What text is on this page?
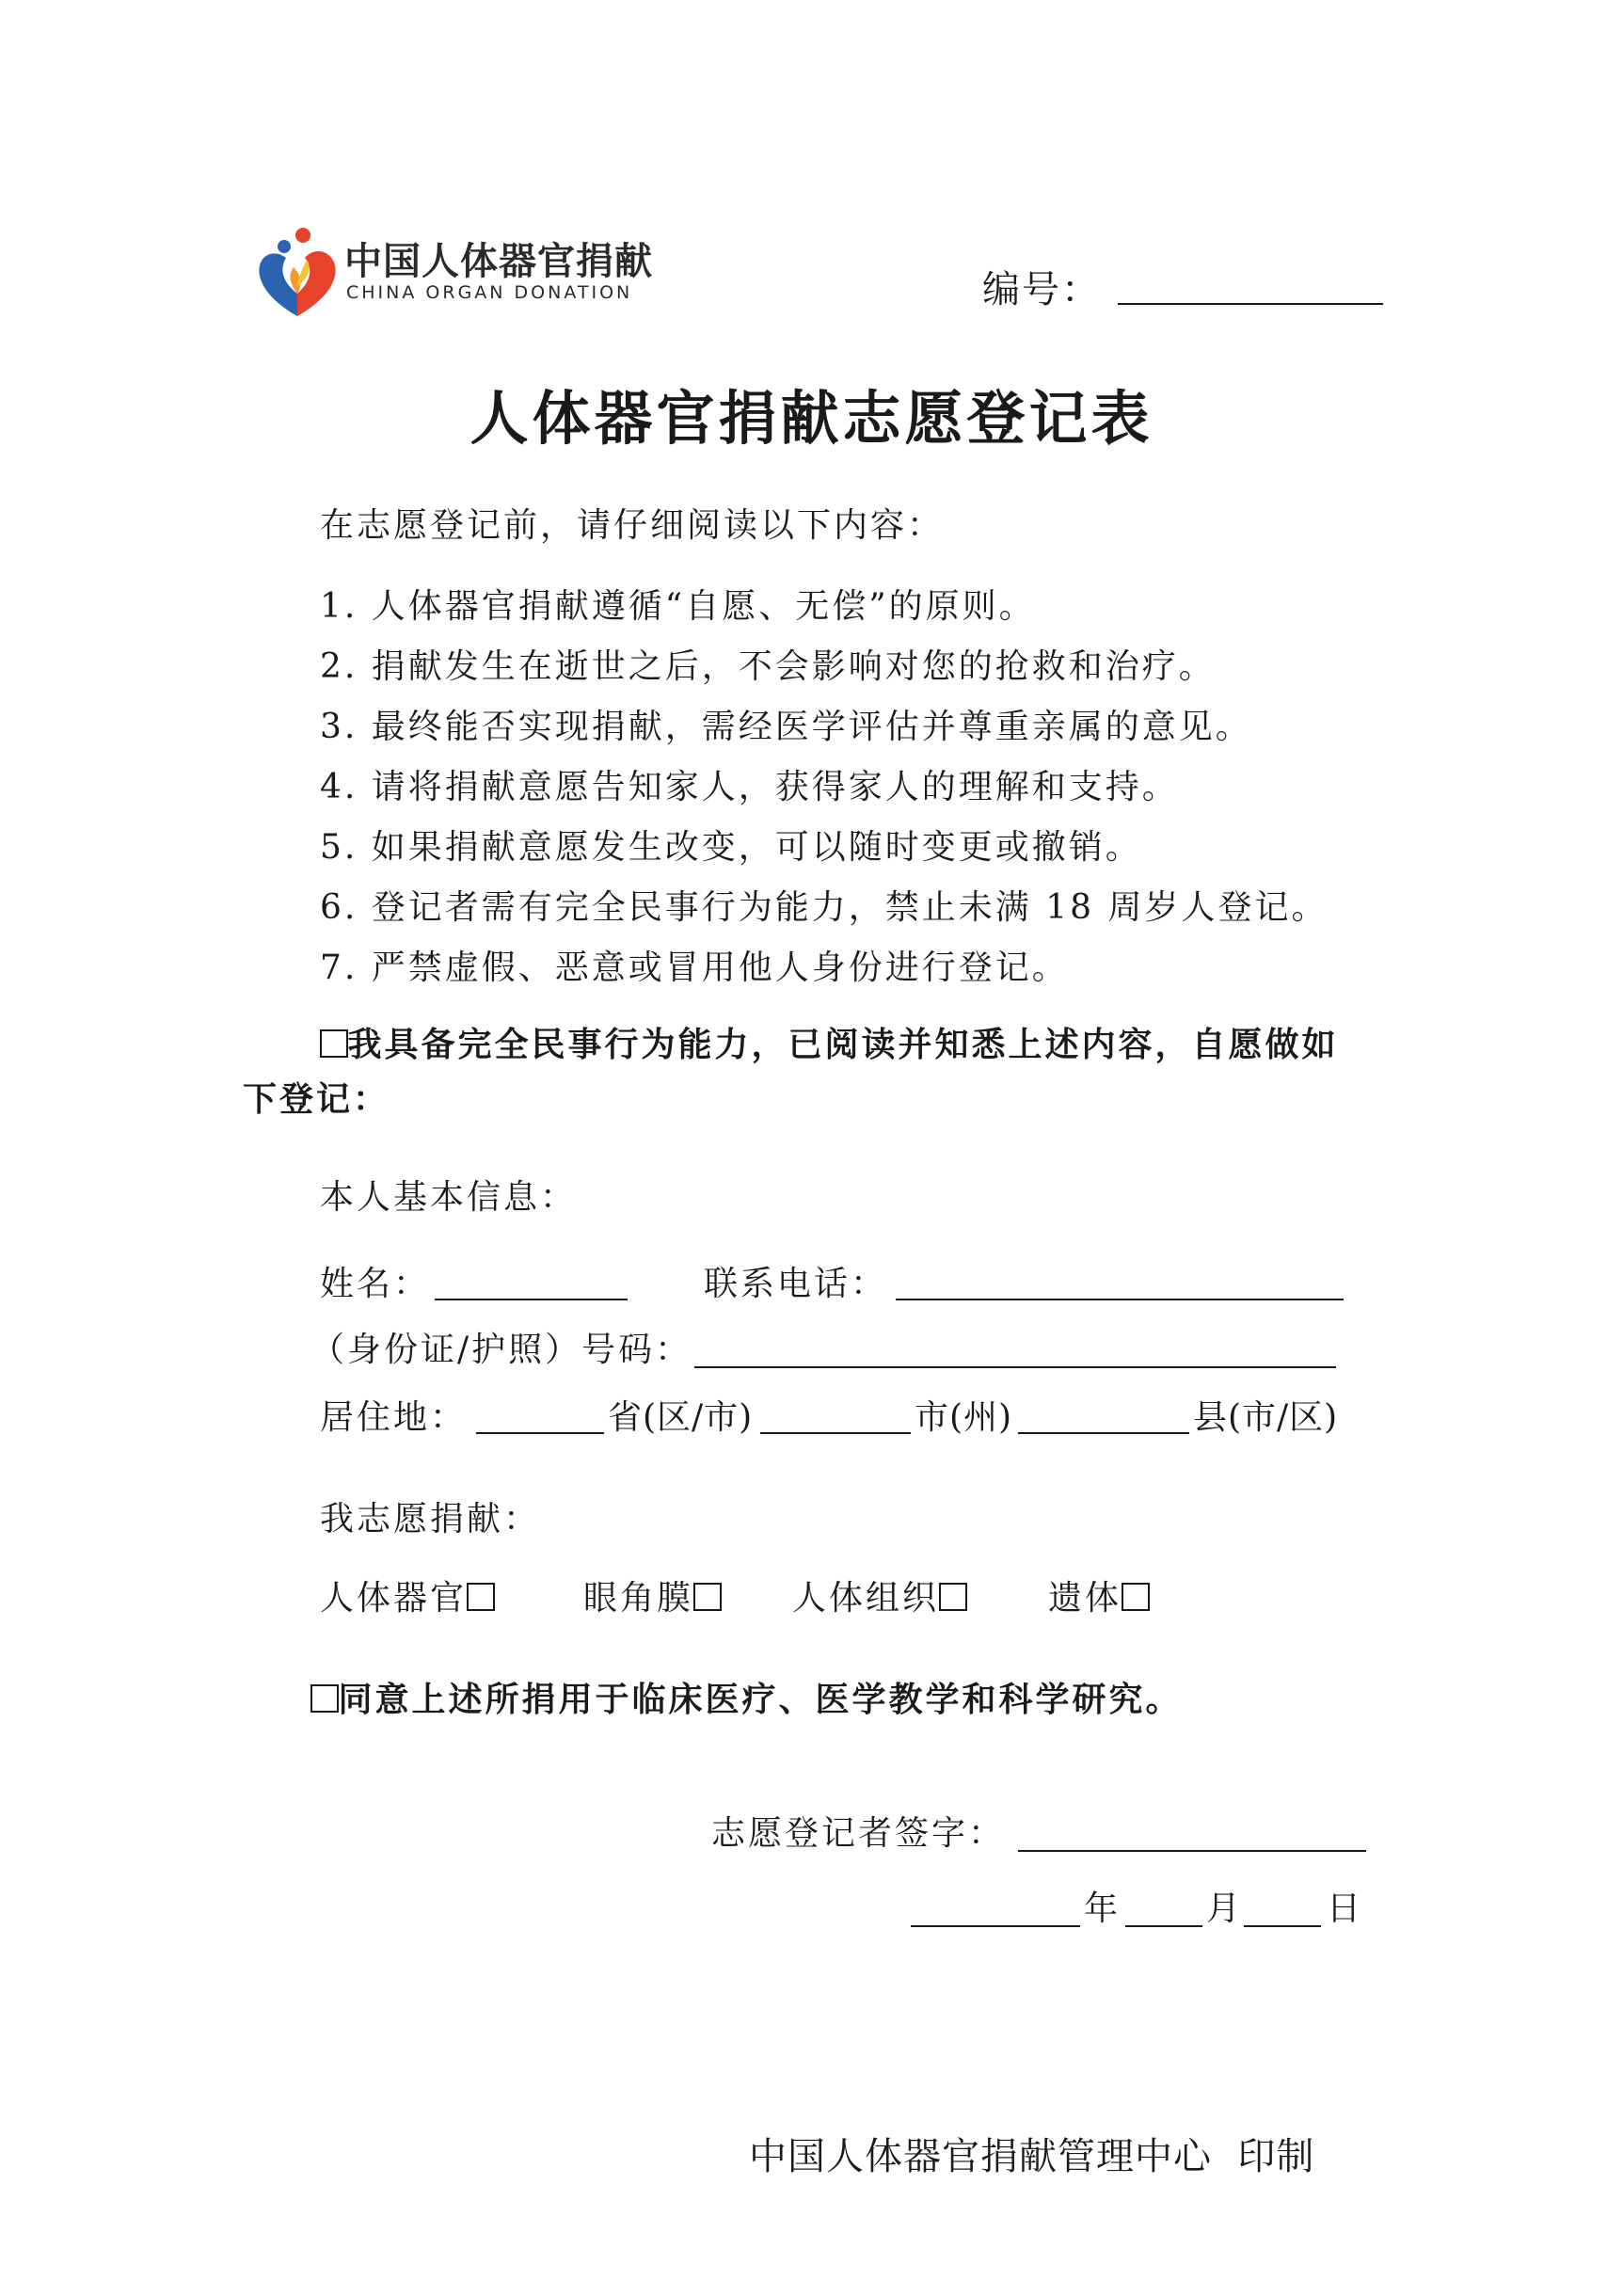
中国人体器官捐献
CHINA ORGAN DONATION	编号：
人体器官捐献志愿登记表
在志愿登记前，请仔细阅读以下内容：
1. 人体器官捐献遵循“自愿、无偿”的原则。
2. 捐献发生在逝世之后，不会影响对您的抢救和治疗。
3. 最终能否实现捐献，需经医学评估并尊重亲属的意见。
4. 请将捐献意愿告知家人，获得家人的理解和支持。
5. 如果捐献意愿发生改变，可以随时变更或撤销。
6. 登记者需有完全民事行为能力，禁止未满 18 周岁人登记。
7. 严禁虚假、恶意或冒用他人身份进行登记。
我具备完全民事行为能力，已阅读并知悉上述内容，自愿做如
下登记：
本人基本信息：
姓名：	联系电话：
（身份证/护照）号码：
居住地：	省(区/市)	市(州)	县(市/区)
我志愿捐献：
人体器官	眼角膜	人体组织	遗体
同意上述所捐用于临床医疗、医学教学和科学研究。
志愿登记者签字：
年	月 日
中国人体器官捐献管理中心  印制
